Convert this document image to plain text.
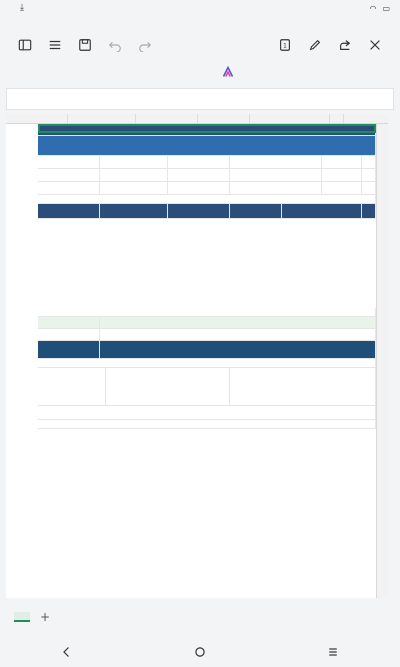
⤓	◠ ▭
1
+
